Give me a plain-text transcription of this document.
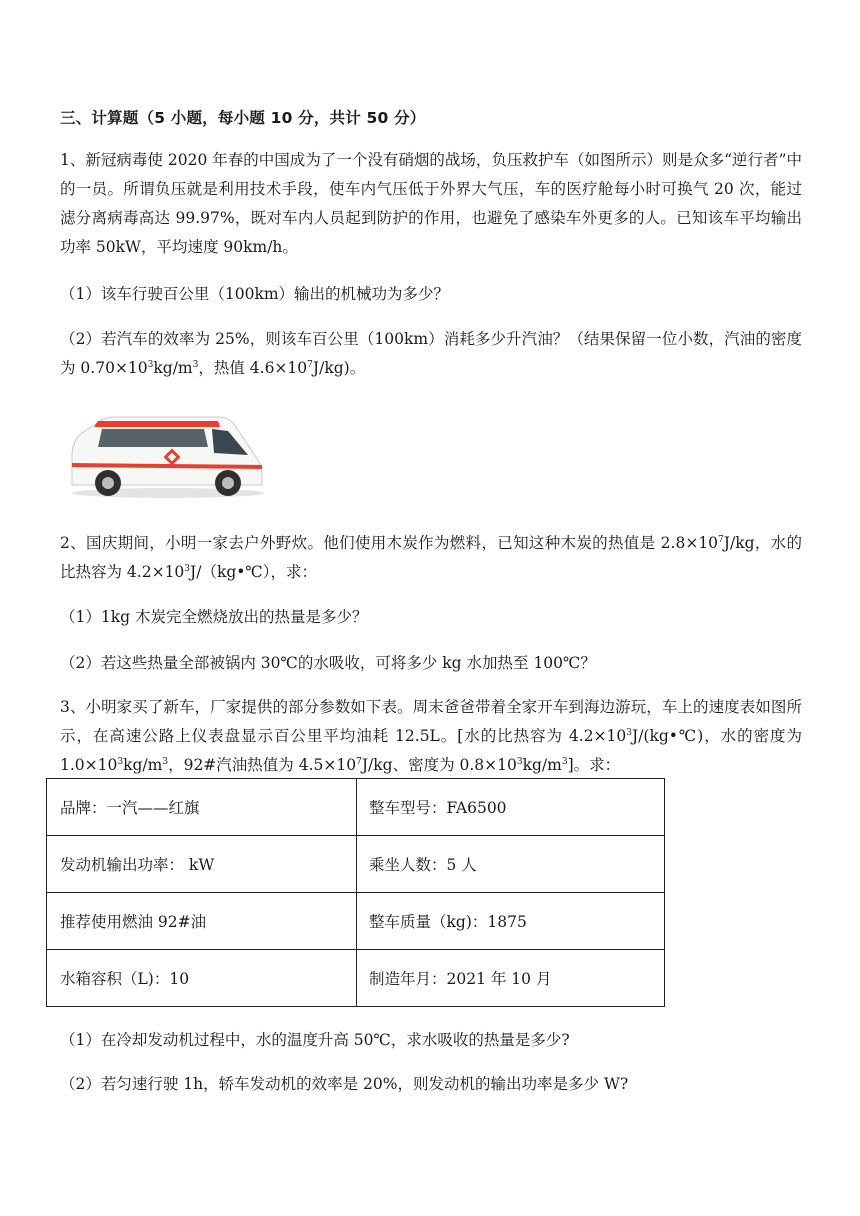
三、计算题（5 小题，每小题 10 分，共计 50 分）
1、新冠病毒使 2020 年春的中国成为了一个没有硝烟的战场，负压救护车（如图所示）则是众多“逆行者”中的一员。所谓负压就是利用技术手段，使车内气压低于外界大气压，车的医疗舱每小时可换气 20 次，能过滤分离病毒高达 99.97%，既对车内人员起到防护的作用，也避免了感染车外更多的人。已知该车平均输出功率 50kW，平均速度 90km/h。
（1）该车行驶百公里（100km）输出的机械功为多少？
（2）若汽车的效率为 25%，则该车百公里（100km）消耗多少升汽油？（结果保留一位小数，汽油的密度为 $0.70\times 10^3kg/m^3$，热值 $4.6\times 10^7J/kg$)。
2、国庆期间，小明一家去户外野炊。他们使用木炭作为燃料，已知这种木炭的热值是 $2.8\times 10^7J/kg$，水的比热容为 $4.2\times 10^3J/(kg•℃)$，求：
（1）1kg 木炭完全燃烧放出的热量是多少？
（2）若这些热量全部被锅内 30℃的水吸收，可将多少 kg 水加热至 100℃？
3、小明家买了新车，厂家提供的部分参数如下表。周末爸爸带着全家开车到海边游玩，车上的速度表如图所示，在高速公路上仪表盘显示百公里平均油耗 12.5L。[水的比热容为 $4.2\times 10^3J/(kg•℃)$，水的密度为 $1.0\times 10^3kg/m^3$，92#汽油热值为 $4.5\times 10^7J/kg$、密度为 $0.8\times 10^3kg/m^3$]。求：
品牌：一汽——红旗	整车型号：FA6500
发动机输出功率： kW	乘坐人数：5 人
推荐使用燃油 92#油	整车质量（kg)：1875
水箱容积（L)：10	制造年月：2021 年 10 月
（1）在冷却发动机过程中，水的温度升高 50℃，求水吸收的热量是多少?
（2）若匀速行驶 1h，轿车发动机的效率是 20%，则发动机的输出功率是多少 W?
